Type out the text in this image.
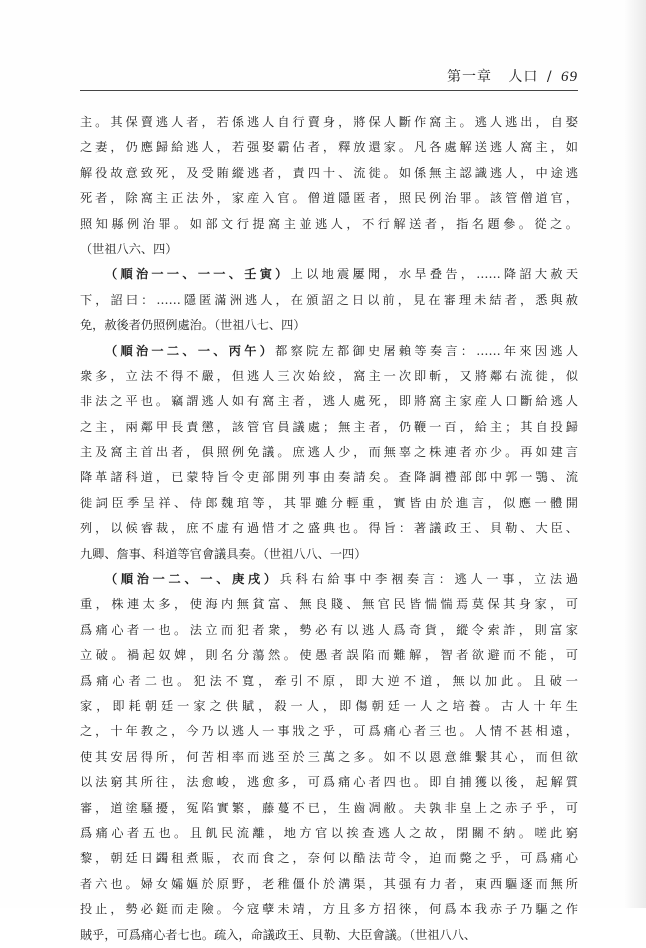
第一章 人口 / 69
主。其保賣逃人者，若係逃人自行賣身，將保人斷作窩主。逃人逃出，自娶
之妻，仍應歸給逃人，若强娶霸佔者，釋放還家。凡各處解送逃人窩主，如
解役故意致死，及受賄縱逃者，責四十、流徙。如係無主認識逃人，中途逃
死者，除窩主正法外，家産入官。僧道隱匿者，照民例治罪。該管僧道官，
照知縣例治罪。如部文行提窩主並逃人，不行解送者，指名題參。從之。
（世祖八六、四）
（順治一一、一一、壬寅）上以地震屢聞，水旱叠告，……降詔大赦天
下，詔曰：……隱匿滿洲逃人，在頒詔之日以前，見在審理未結者，悉與赦
免，赦後者仍照例處治。（世祖八七、四）
（順治一二、一、丙午）都察院左都御史屠賴等奏言：……年來因逃人
衆多，立法不得不嚴，但逃人三次始絞，窩主一次即斬，又將鄰右流徙，似
非法之平也。竊謂逃人如有窩主者，逃人處死，即將窩主家産人口斷給逃人
之主，兩鄰甲長責懲，該管官員議處；無主者，仍鞭一百，給主；其自投歸
主及窩主首出者，俱照例免議。庶逃人少，而無辜之株連者亦少。再如建言
降革諸科道，已蒙特旨令吏部開列事由奏請矣。查降調禮部郎中郭一鶚、流
徙詞臣季呈祥、侍郎魏琯等，其罪雖分輕重，實皆由於進言，似應一體開
列，以候睿裁，庶不虚有過惜才之盛典也。得旨：著議政王、貝勒、大臣、
九卿、詹事、科道等官會議具奏。（世祖八八、一四）
（順治一二、一、庚戌）兵科右給事中李裀奏言：逃人一事，立法過
重，株連太多，使海内無貧富、無良賤、無官民皆惴惴焉莫保其身家，可
爲痛心者一也。法立而犯者衆，勢必有以逃人爲奇貨，縱令索詐，則富家
立破。禍起奴婢，則名分蕩然。使愚者誤陷而難解，智者欲避而不能，可
爲痛心者二也。犯法不寬，牽引不原，即大逆不道，無以加此。且破一
家，即耗朝廷一家之供賦，殺一人，即傷朝廷一人之培養。古人十年生
之，十年教之，今乃以逃人一事戕之乎，可爲痛心者三也。人情不甚相遠，
使其安居得所，何苦相率而逃至於三萬之多。如不以恩意維繫其心，而但欲
以法窮其所往，法愈峻，逃愈多，可爲痛心者四也。即自捕獲以後，起解質
審，道塗騷擾，冤陷實繁，藤蔓不已，生齒凋敝。夫孰非皇上之赤子乎，可
爲痛心者五也。且飢民流離，地方官以挨查逃人之故，閉關不納。嗟此窮
黎，朝廷日蠲租煮賑，衣而食之，奈何以酷法苛令，迫而斃之乎，可爲痛心
者六也。婦女孀嫗於原野，老稚僵仆於溝渠，其强有力者，東西驅逐而無所
投止，勢必鋌而走險。今寇孽未靖，方且多方招徠，何爲本我赤子乃驅之作
賊乎，可爲痛心者七也。疏入，命議政王、貝勒、大臣會議。（世祖八八、
